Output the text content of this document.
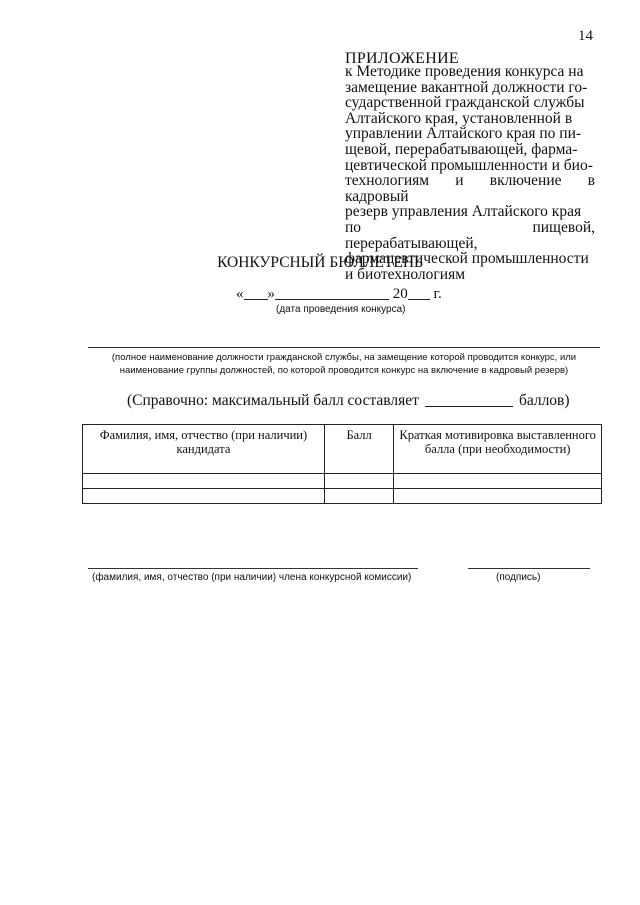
14
ПРИЛОЖЕНИЕ
к Методике проведения конкурса на
замещение вакантной должности го-
сударственной гражданской службы
Алтайского края, установленной в
управлении Алтайского края по пи-
щевой, перерабатывающей, фарма-
цевтической промышленности и био-
технологиям и включение в кадровый
резерв управления Алтайского края
по пищевой, перерабатывающей,
фармацевтической промышленности
и биотехнологиям
КОНКУРСНЫЙ БЮЛЛЕТЕНЬ
« »	20 г.
(дата проведения конкурса)
(полное наименование должности гражданской службы, на замещение которой проводится конкурс, или
наименование группы должностей, по которой проводится конкурс на включение в кадровый резерв)
(Справочно: максимальный балл составляет	баллов)
Фамилия, имя, отчество (при наличии) кандидата	Балл	Краткая мотивировка выставленного балла (при необходимости)

(фамилия, имя, отчество (при наличии) члена конкурсной комиссии)	(подпись)
